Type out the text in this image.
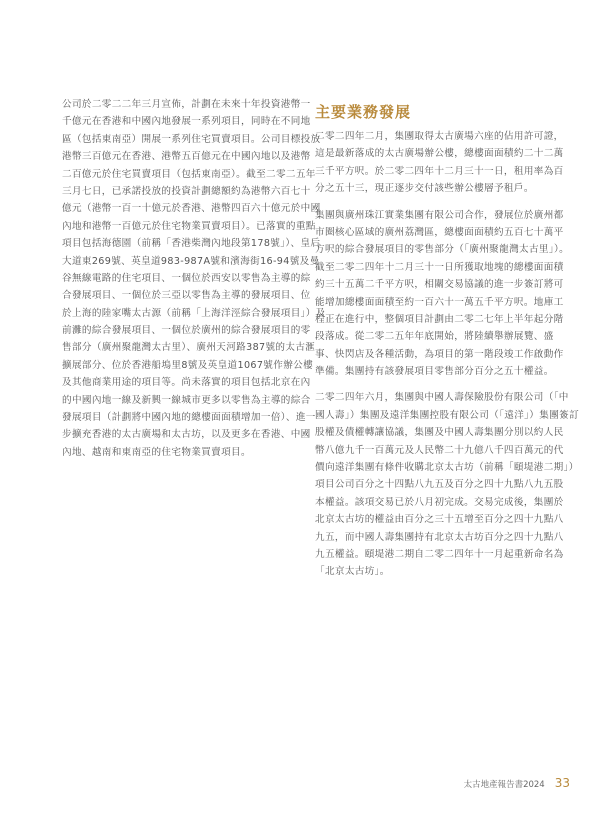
公司於二零二二年三月宣佈，計劃在未來十年投資港幣一
千億元在香港和中國內地發展一系列項目，同時在不同地
區（包括東南亞）開展一系列住宅買賣項目。公司目標投放
港幣三百億元在香港、港幣五百億元在中國內地以及港幣
二百億元於住宅買賣項目（包括東南亞）。截至二零二五年
三月七日，已承諾投放的投資計劃總額約為港幣六百七十
億元（港幣一百一十億元於香港、港幣四百六十億元於中國
內地和港幣一百億元於住宅物業買賣項目）。已落實的重點
項目包括海德園（前稱「香港柴灣內地段第178號」）、皇后
大道東269號、英皇道983-987A號和濱海街16-94號及曼
谷無線電路的住宅項目、一個位於西安以零售為主導的綜
合發展項目、一個位於三亞以零售為主導的發展項目、位
於上海的陸家嘴太古源（前稱「上海洋涇綜合發展項目」）及
前灘的綜合發展項目、一個位於廣州的綜合發展項目的零
售部分（廣州聚龍灣太古里）、廣州天河路387號的太古滙
擴展部分、位於香港船塢里8號及英皇道1067號作辦公樓
及其他商業用途的項目等。尚未落實的項目包括北京在內
的中國內地一線及新興一線城市更多以零售為主導的綜合
發展項目（計劃將中國內地的總樓面面積增加一倍）、進一
步擴充香港的太古廣場和太古坊，以及更多在香港、中國
內地、越南和東南亞的住宅物業買賣項目。
主要業務發展
二零二四年二月，集團取得太古廣場六座的佔用許可證，
這是最新落成的太古廣場辦公樓，總樓面面積約二十二萬
三千平方呎。於二零二四年十二月三十一日，租用率為百
分之五十三，現正逐步交付該些辦公樓層予租戶。
集團與廣州珠江實業集團有限公司合作，發展位於廣州都
市圈核心區域的廣州荔灣區，總樓面面積約五百七十萬平
方呎的綜合發展項目的零售部分（「廣州聚龍灣太古里」）。
截至二零二四年十二月三十一日所獲取地塊的總樓面面積
約三十五萬二千平方呎，相關交易協議的進一步簽訂將可
能增加總樓面面積至約一百六十一萬五千平方呎。地庫工
程正在進行中，整個項目計劃由二零二七年上半年起分階
段落成。從二零二五年年底開始，將陸續舉辦展覽、盛
事、快閃店及各種活動，為項目的第一階段竣工作啟動作
準備。集團持有該發展項目零售部分百分之五十權益。
二零二四年六月，集團與中國人壽保險股份有限公司（「中
國人壽」）集團及遠洋集團控股有限公司（「遠洋」）集團簽訂
股權及債權轉讓協議，集團及中國人壽集團分別以約人民
幣八億九千一百萬元及人民幣二十九億八千四百萬元的代
價向遠洋集團有條件收購北京太古坊（前稱「頤堤港二期」）
項目公司百分之十四點八九五及百分之四十九點八九五股
本權益。該項交易已於八月初完成。交易完成後，集團於
北京太古坊的權益由百分之三十五增至百分之四十九點八
九五，而中國人壽集團持有北京太古坊百分之四十九點八
九五權益。頤堤港二期自二零二四年十一月起重新命名為
「北京太古坊」。
太古地產報告書2024 33
